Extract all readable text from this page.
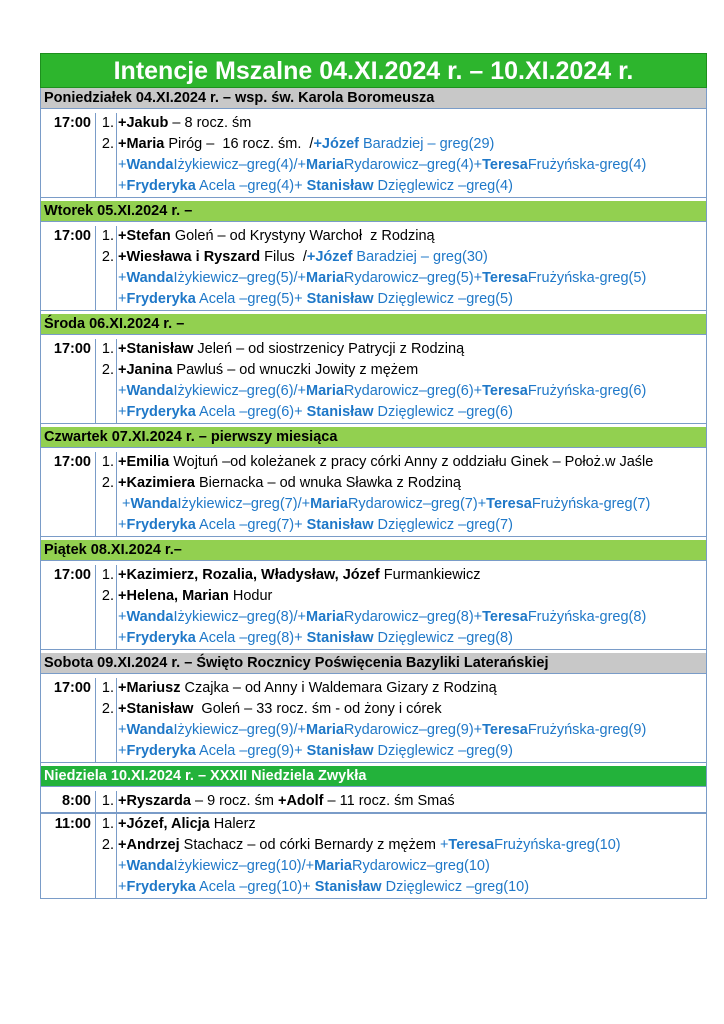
Intencje Mszalne 04.XI.2024 r. – 10.XI.2024 r.
Poniedziałek 04.XI.2024 r. – wsp. św. Karola Boromeusza
17:00 1. +Jakub – 8 rocz. śm
2. +Maria Piróg –  16 rocz. śm.  /+Józef Baradziej – greg(29)
+WandaIżykiewicz–greg(4)/+MariaRydarowicz–greg(4)+TeresaFrużyńska-greg(4)
+Fryderyka Acela –greg(4)+ Stanisław Dzięglewicz –greg(4)
Wtorek 05.XI.2024 r. –
17:00 1. +Stefan Goleń – od Krystyny Warchoł  z Rodziną
2. +Wiesława i Ryszard Filus  /+Józef Baradziej – greg(30)
+WandaIżykiewicz–greg(5)/+MariaRydarowicz–greg(5)+TeresaFrużyńska-greg(5)
+Fryderyka Acela –greg(5)+ Stanisław Dzięglewicz –greg(5)
Środa 06.XI.2024 r. –
17:00 1. +Stanisław Jeleń – od siostrzenicy Patrycji z Rodziną
2. +Janina Pawluś – od wnuczki Jowity z mężem
+WandaIżykiewicz–greg(6)/+MariaRydarowicz–greg(6)+TeresaFrużyńska-greg(6)
+Fryderyka Acela –greg(6)+ Stanisław Dzięglewicz –greg(6)
Czwartek 07.XI.2024 r. – pierwszy miesiąca
17:00 1. +Emilia Wojtuń –od koleżanek z pracy córki Anny z oddziału Ginek – Położ.w Jaśle
2. +Kazimiera Biernacka – od wnuka Sławka z Rodziną
+WandaIżykiewicz–greg(7)/+MariaRydarowicz–greg(7)+TeresaFrużyńska-greg(7)
+Fryderyka Acela –greg(7)+ Stanisław Dzięglewicz –greg(7)
Piątek 08.XI.2024 r.–
17:00 1. +Kazimierz, Rozalia, Władysław, Józef Furmankiewicz
2. +Helena, Marian Hodur
+WandaIżykiewicz–greg(8)/+MariaRydarowicz–greg(8)+TeresaFrużyńska-greg(8)
+Fryderyka Acela –greg(8)+ Stanisław Dzięglewicz –greg(8)
Sobota 09.XI.2024 r. – Święto Rocznicy Poświęcenia Bazyliki Laterańskiej
17:00 1. +Mariusz Czajka – od Anny i Waldemara Gizary z Rodziną
2. +Stanisław  Goleń – 33 rocz. śm - od żony i córek
+WandaIżykiewicz–greg(9)/+MariaRydarowicz–greg(9)+TeresaFrużyńska-greg(9)
+Fryderyka Acela –greg(9)+ Stanisław Dzięglewicz –greg(9)
Niedziela 10.XI.2024 r. – XXXII Niedziela Zwykła
8:00 1. +Ryszarda – 9 rocz. śm +Adolf – 11 rocz. śm Smaś
11:00 1. +Józef, Alicja Halerz
2. +Andrzej Stachacz – od córki Bernardy z mężem +TeresaFrużyńska-greg(10)
+WandaIżykiewicz–greg(10)/+MariaRydarowicz–greg(10)
+Fryderyka Acela –greg(10)+ Stanisław Dzięglewicz –greg(10)
